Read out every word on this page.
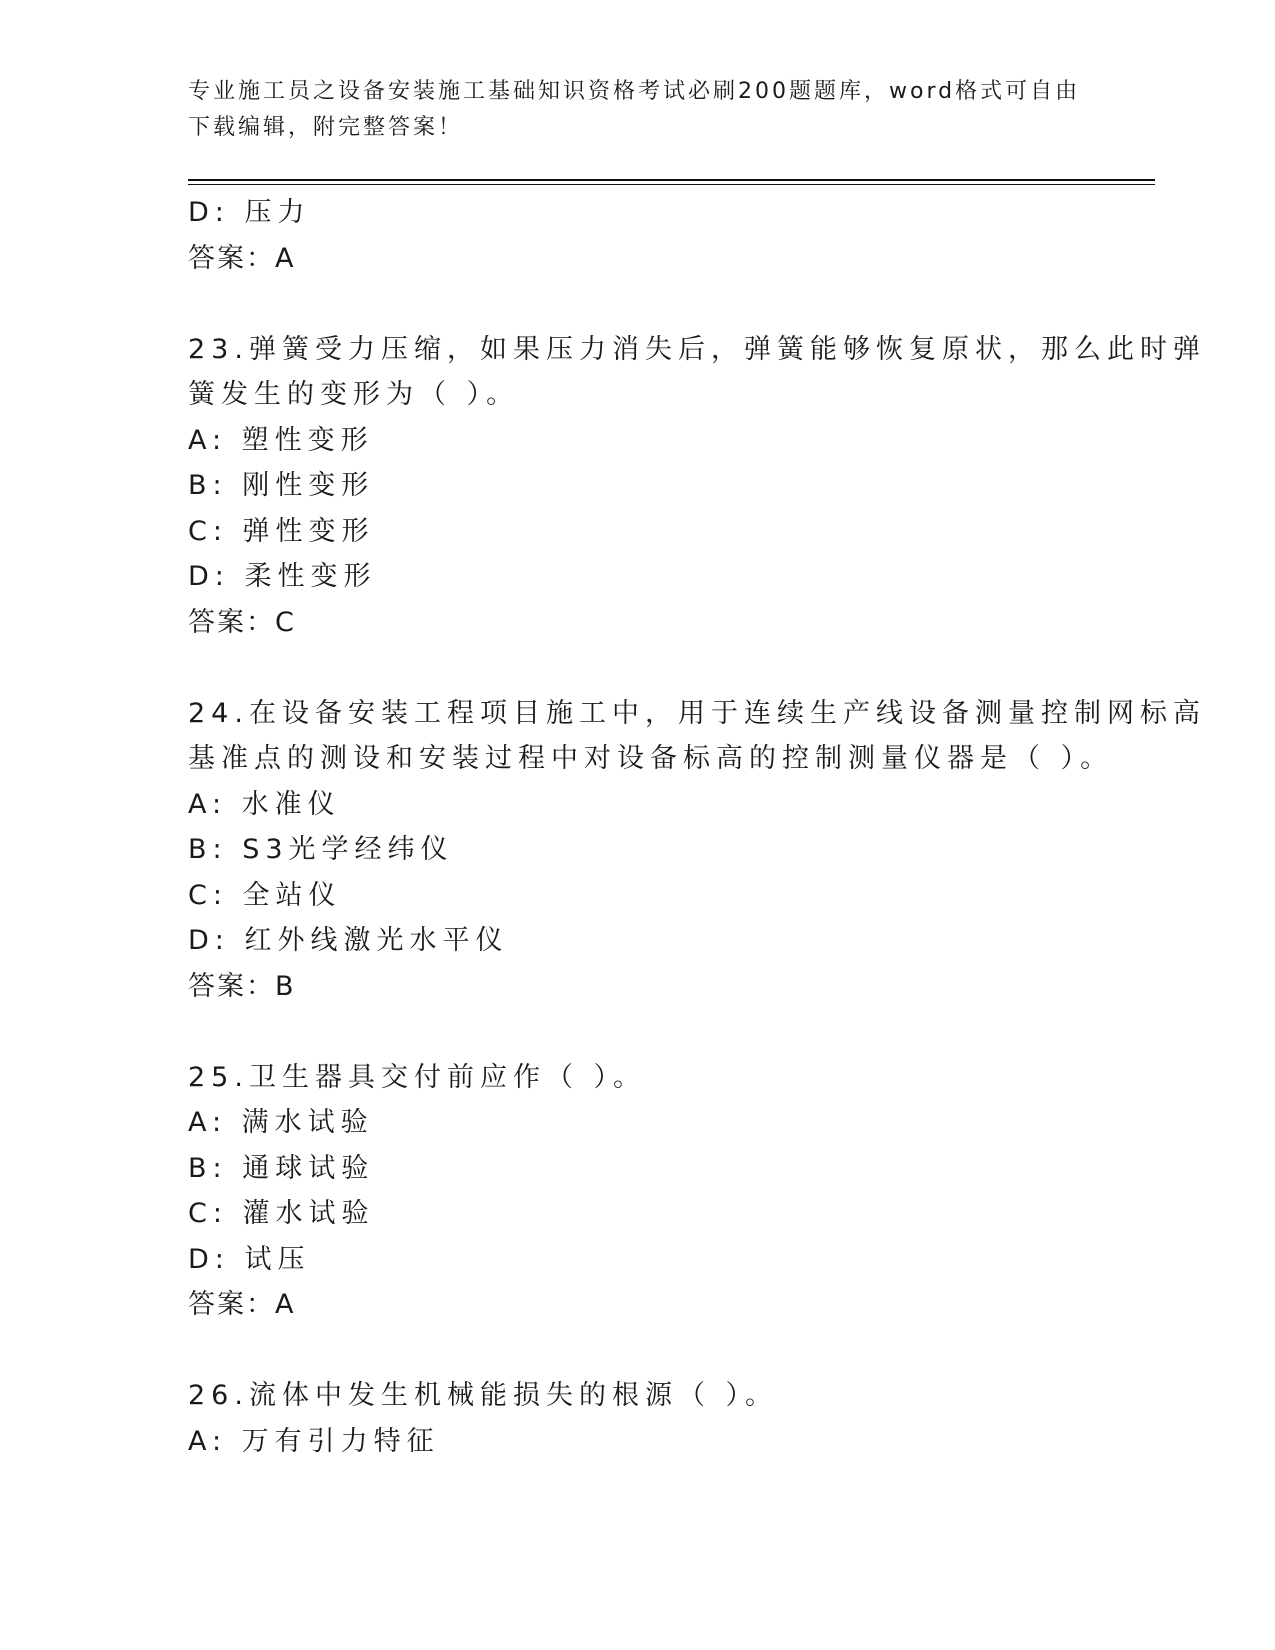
专业施工员之设备安装施工基础知识资格考试必刷200题题库，word格式可自由下载编辑，附完整答案！
D: 压力
答案：A
23.弹簧受力压缩，如果压力消失后，弹簧能够恢复原状，那么此时弹
簧发生的变形为（ ）。
A: 塑性变形
B: 刚性变形
C: 弹性变形
D: 柔性变形
答案：C
24.在设备安装工程项目施工中，用于连续生产线设备测量控制网标高
基准点的测设和安装过程中对设备标高的控制测量仪器是（ ）。
A: 水准仪
B: S3光学经纬仪
C: 全站仪
D: 红外线激光水平仪
答案：B
25.卫生器具交付前应作（ ）。
A: 满水试验
B: 通球试验
C: 灌水试验
D: 试压
答案：A
26.流体中发生机械能损失的根源（ ）。
A: 万有引力特征
